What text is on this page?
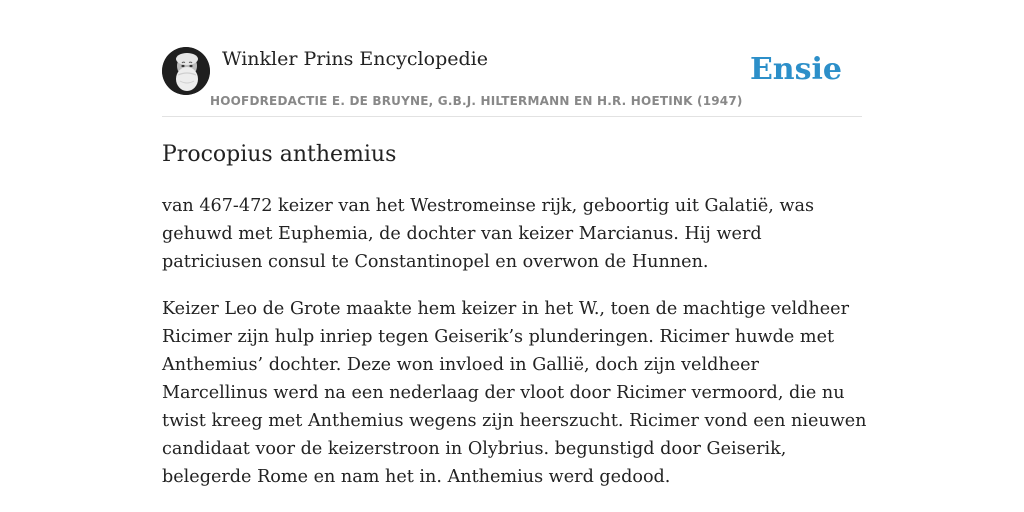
Winkler Prins Encyclopedie
HOOFDREDACTIE E. DE BRUYNE, G.B.J. HILTERMANN EN H.R. HOETINK (1947)
Ensie
Procopius anthemius

van 467-472 keizer van het Westromeinse rijk, geboortig uit Galatië, was gehuwd met Euphemia, de dochter van keizer Marcianus. Hij werd patriciusen consul te Constantinopel en overwon de Hunnen.

Keizer Leo de Grote maakte hem keizer in het W., toen de machtige veldheer Ricimer zijn hulp inriep tegen Geiserik’s plunderingen. Ricimer huwde met Anthemius’ dochter. Deze won invloed in Gallië, doch zijn veldheer Marcellinus werd na een nederlaag der vloot door Ricimer vermoord, die nu twist kreeg met Anthemius wegens zijn heerszucht. Ricimer vond een nieuwen candidaat voor de keizerstroon in Olybrius. begunstigd door Geiserik, belegerde Rome en nam het in. Anthemius werd gedood.
